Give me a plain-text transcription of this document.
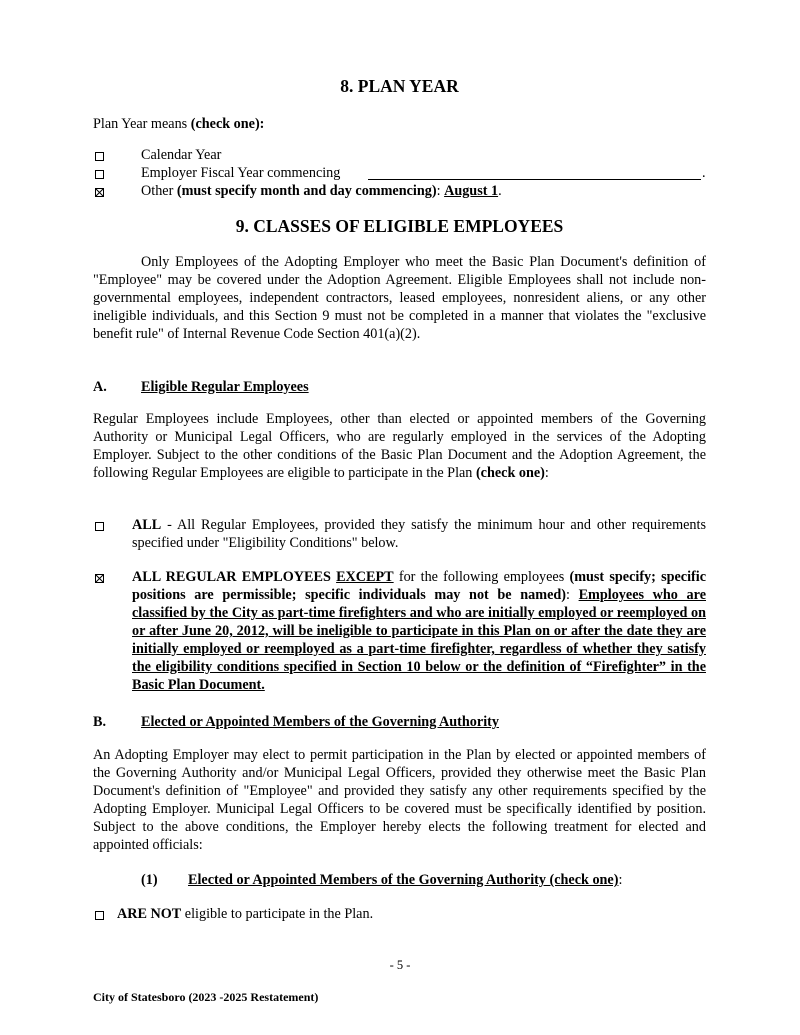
8. PLAN YEAR

Plan Year means (check one):

Calendar Year

Employer Fiscal Year commencing	.

Other (must specify month and day commencing): August 1.

9. CLASSES OF ELIGIBLE EMPLOYEES

Only Employees of the Adopting Employer who meet the Basic Plan Document's definition of "Employee" may be covered under the Adoption Agreement. Eligible Employees shall not include non-governmental employees, independent contractors, leased employees, nonresident aliens, or any other ineligible individuals, and this Section 9 must not be completed in a manner that violates the "exclusive benefit rule" of Internal Revenue Code Section 401(a)(2).

A. Eligible Regular Employees

Regular Employees include Employees, other than elected or appointed members of the Governing Authority or Municipal Legal Officers, who are regularly employed in the services of the Adopting Employer. Subject to the other conditions of the Basic Plan Document and the Adoption Agreement, the following Regular Employees are eligible to participate in the Plan (check one):

ALL - All Regular Employees, provided they satisfy the minimum hour and other requirements specified under "Eligibility Conditions" below.

ALL REGULAR EMPLOYEES EXCEPT for the following employees (must specify; specific positions are permissible; specific individuals may not be named): Employees who are classified by the City as part-time firefighters and who are initially employed or reemployed on or after June 20, 2012, will be ineligible to participate in this Plan on or after the date they are initially employed or reemployed as a part-time firefighter, regardless of whether they satisfy the eligibility conditions specified in Section 10 below or the definition of “Firefighter” in the Basic Plan Document.

B. Elected or Appointed Members of the Governing Authority

An Adopting Employer may elect to permit participation in the Plan by elected or appointed members of the Governing Authority and/or Municipal Legal Officers, provided they otherwise meet the Basic Plan Document's definition of "Employee" and provided they satisfy any other requirements specified by the Adopting Employer. Municipal Legal Officers to be covered must be specifically identified by position. Subject to the above conditions, the Employer hereby elects the following treatment for elected and appointed officials:

(1) Elected or Appointed Members of the Governing Authority (check one):

ARE NOT eligible to participate in the Plan.

- 5 -
City of Statesboro (2023 -2025 Restatement)
